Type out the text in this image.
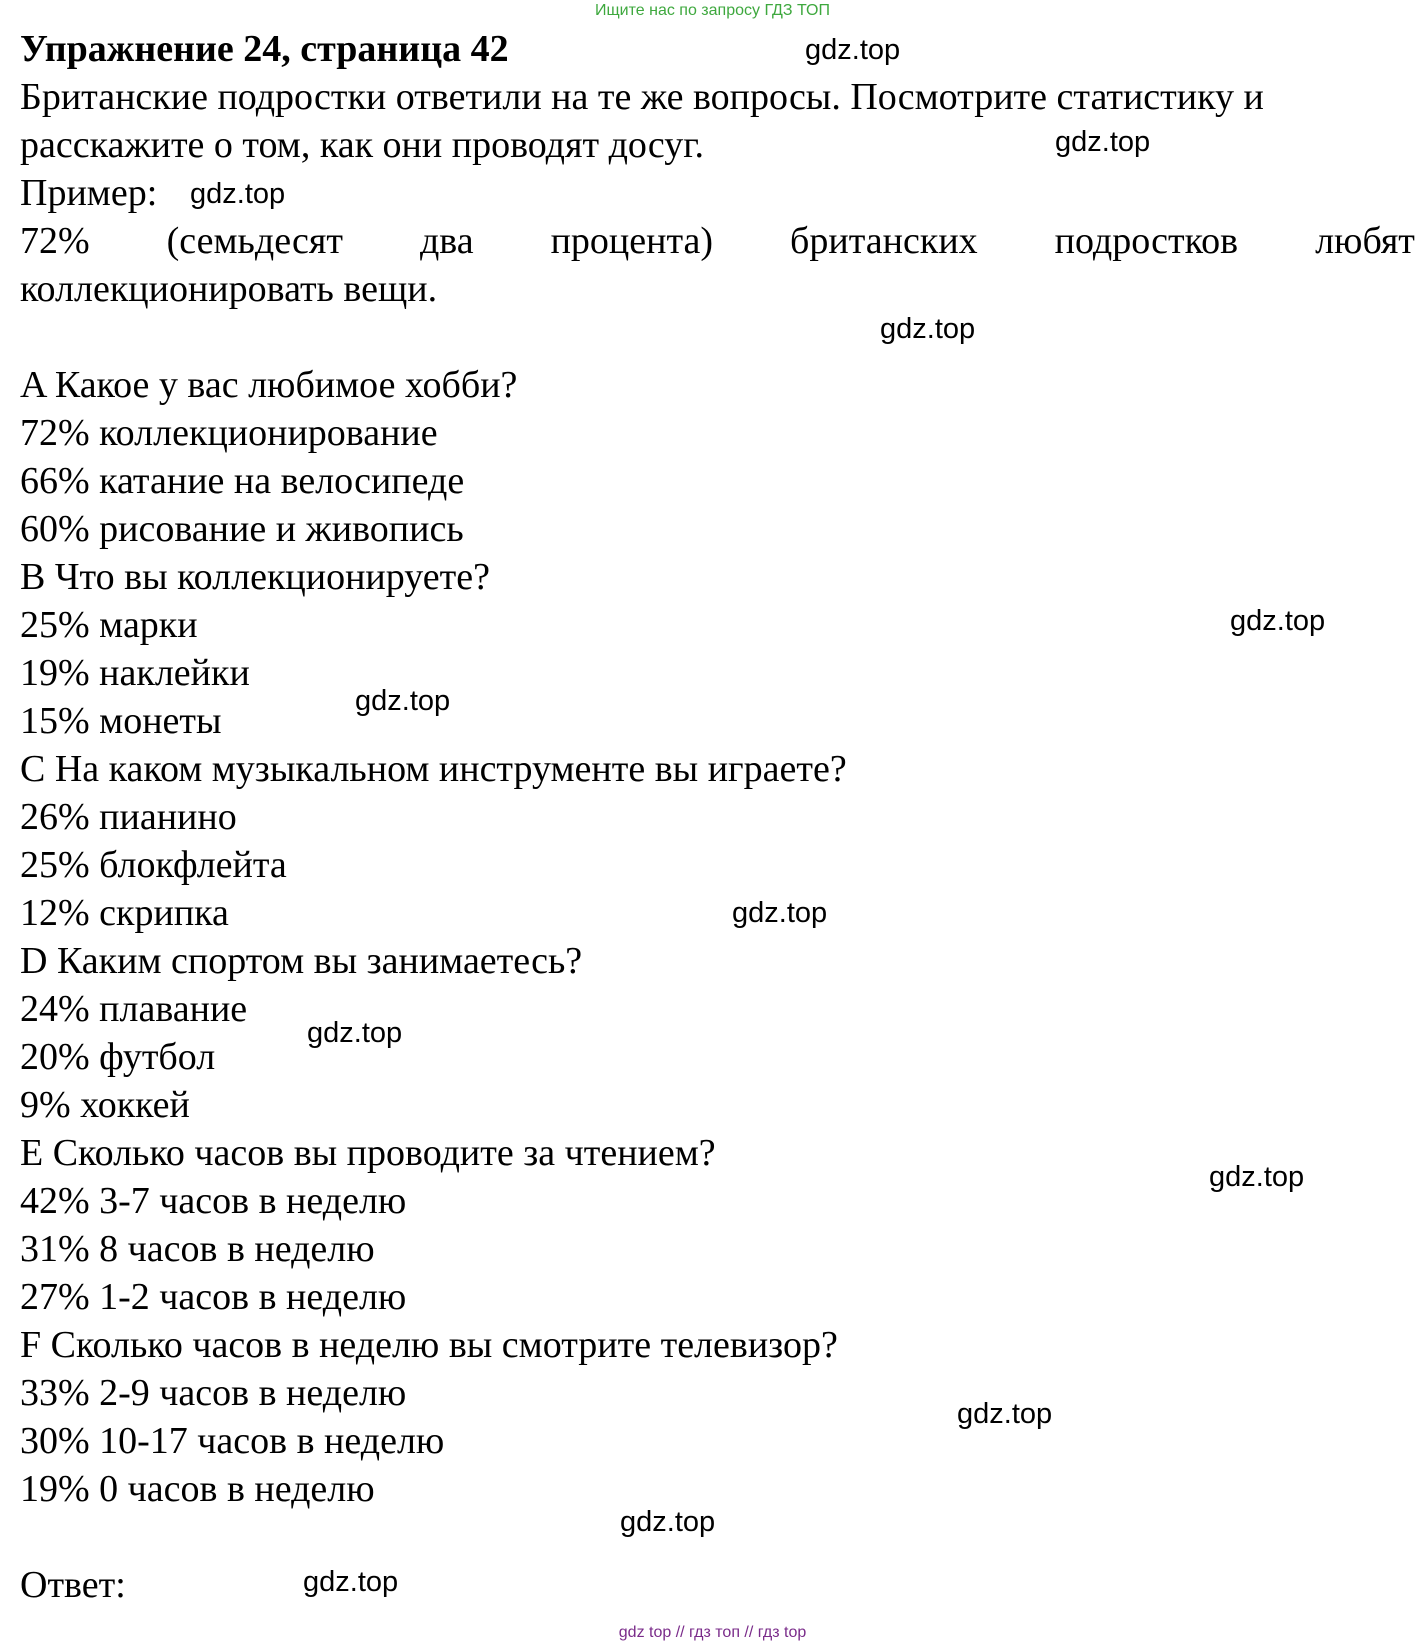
Ищите нас по запросу ГДЗ ТОП
Упражнение 24, страница 42
Британские подростки ответили на те же вопросы. Посмотрите статистику и
расскажите о том, как они проводят досуг.
Пример:
72% (семьдесят два процента) британских подростков любят
коллекционировать вещи.
A Какое у вас любимое хобби?
72% коллекционирование
66% катание на велосипеде
60% рисование и живопись
B Что вы коллекционируете?
25% марки
19% наклейки
15% монеты
C На каком музыкальном инструменте вы играете?
26% пианино
25% блокфлейта
12% скрипка
D Каким спортом вы занимаетесь?
24% плавание
20% футбол
9% хоккей
E Сколько часов вы проводите за чтением?
42% 3-7 часов в неделю
31% 8 часов в неделю
27% 1-2 часов в неделю
F Сколько часов в неделю вы смотрите телевизор?
33% 2-9 часов в неделю
30% 10-17 часов в неделю
19% 0 часов в неделю
Ответ:
gdz.top
gdz.top
gdz.top
gdz.top
gdz.top
gdz.top
gdz.top
gdz.top
gdz.top
gdz.top
gdz.top
gdz.top
gdz top // гдз топ // гдз top
